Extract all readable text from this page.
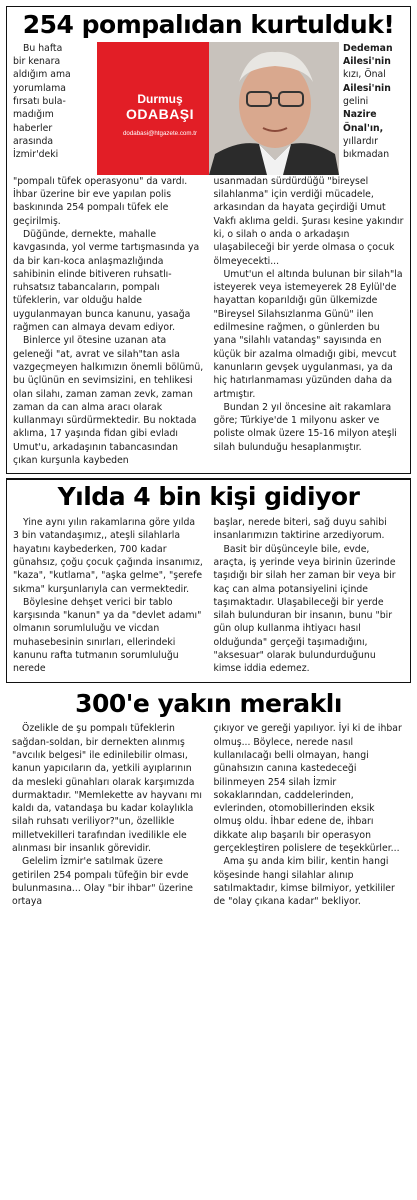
254 pompalıdan kurtulduk!

Bu hafta

bir kenara

aldığım ama

yorumlama

fırsatı bula-

madığım

haberler

arasında

İzmir'deki

Durmuş
ODABAŞI
dodabasi@htgazete.com.tr

Dedeman

Ailesi'nin

kızı, Önal

Ailesi'nin

gelini

Nazire

Önal'ın,

yıllardır

bıkmadan

"pompalı tüfek operasyonu" da vardı. İhbar üzerine bir eve yapılan polis baskınında 254 pompalı tüfek ele geçirilmiş.

Düğünde, dernekte, mahalle kavgasında, yol verme tartışmasında ya da bir karı-koca anlaşmazlığında sahibinin elinde bitiveren ruhsatlı-ruhsatsız tabancaların, pompalı tüfeklerin, var olduğu halde uygulanmayan bunca kanunu, yasağa rağmen can almaya devam ediyor.

Binlerce yıl ötesine uzanan ata geleneği "at, avrat ve silah"tan asla vazgeçmeyen halkımızın önemli bölümü, bu üçlünün en sevimsizini, en tehlikesi olan silahı, zaman zaman zevk, zaman zaman da can alma aracı olarak kullanmayı sürdürmektedir. Bu noktada aklıma, 17 yaşında fidan gibi evladı Umut'u, arkadaşının tabancasından çıkan kurşunla kaybeden

usanmadan sürdürdüğü "bireysel silahlanma" için verdiği mücadele, arkasından da hayata geçirdiği Umut Vakfı aklıma geldi. Şurası kesine yakındır ki, o silah o anda o arkadaşın ulaşabileceği bir yerde olmasa o çocuk ölmeyecekti...

Umut'un el altında bulunan bir silah"la isteyerek veya istemeyerek 28 Eylül'de hayattan koparıldığı gün ülkemizde "Bireysel Silahsızlanma Günü" ilen edilmesine rağmen, o günlerden bu yana "silahlı vatandaş" sayısında en küçük bir azalma olmadığı gibi, mevcut kanunların gevşek uygulanması, ya da hiç hatırlanmaması yüzünden daha da artmıştır.

Bundan 2 yıl öncesine ait rakamlara göre; Türkiye'de 1 milyonu asker ve poliste olmak üzere 15-16 milyon ateşli silah bulunduğu hesaplanmıştır.

Yılda 4 bin kişi gidiyor

Yine aynı yılın rakamlarına göre yılda 3 bin vatandaşımız,, ateşli silahlarla hayatını kaybederken, 700 kadar günahsız, çoğu çocuk çağında insanımız, "kaza", "kutlama", "aşka gelme", "şerefe sıkma" kurşunlarıyla can vermektedir.

Böylesine dehşet verici bir tablo karşısında "kanun" ya da "devlet adamı" olmanın sorumluluğu ve vicdan muhasebesinin sınırları, ellerindeki kanunu rafta tutmanın sorumluluğu nerede

başlar, nerede biteri, sağ duyu sahibi insanlarımızın taktirine arzediyorum.

Basit bir düşünceyle bile, evde, araçta, iş yerinde veya birinin üzerinde taşıdığı bir silah her zaman bir veya bir kaç can alma potansiyelini içinde taşımaktadır. Ulaşabileceği bir yerde silah bulunduran bir insanın, bunu "bir gün olup kullanma ihtiyacı hasıl olduğunda" gerçeği taşımadığını, "aksesuar" olarak bulundurduğunu kimse iddia edemez.

300'e yakın meraklı

Özelikle de şu pompalı tüfeklerin sağdan-soldan, bir dernekten alınmış "avcılık belgesi" ile edinilebilir olması, kanun yapıcıların da, yetkili ayıplarının da mesleki günahları olarak karşımızda durmaktadır. "Memlekette av hayvanı mı kaldı da, vatandaşa bu kadar kolaylıkla silah ruhsatı veriliyor?"un, özellikle milletvekilleri tarafından ivedilikle ele alınması bir insanlık görevidir.

Gelelim İzmir'e satılmak üzere getirilen 254 pompalı tüfeğin bir evde bulunmasına... Olay "bir ihbar" üzerine ortaya

çıkıyor ve gereği yapılıyor. İyi ki de ihbar olmuş... Böylece, nerede nasıl kullanılacağı belli olmayan, hangi günahsızın canına kastedeceği bilinmeyen 254 silah İzmir sokaklarından, caddelerinden, evlerinden, otomobillerinden eksik olmuş oldu. İhbar edene de, ihbarı dikkate alıp başarılı bir operasyon gerçekleştiren polislere de teşekkürler...

Ama şu anda kim bilir, kentin hangi köşesinde hangi silahlar alınıp satılmaktadır, kimse bilmiyor, yetkililer de "olay çıkana kadar" bekliyor.
